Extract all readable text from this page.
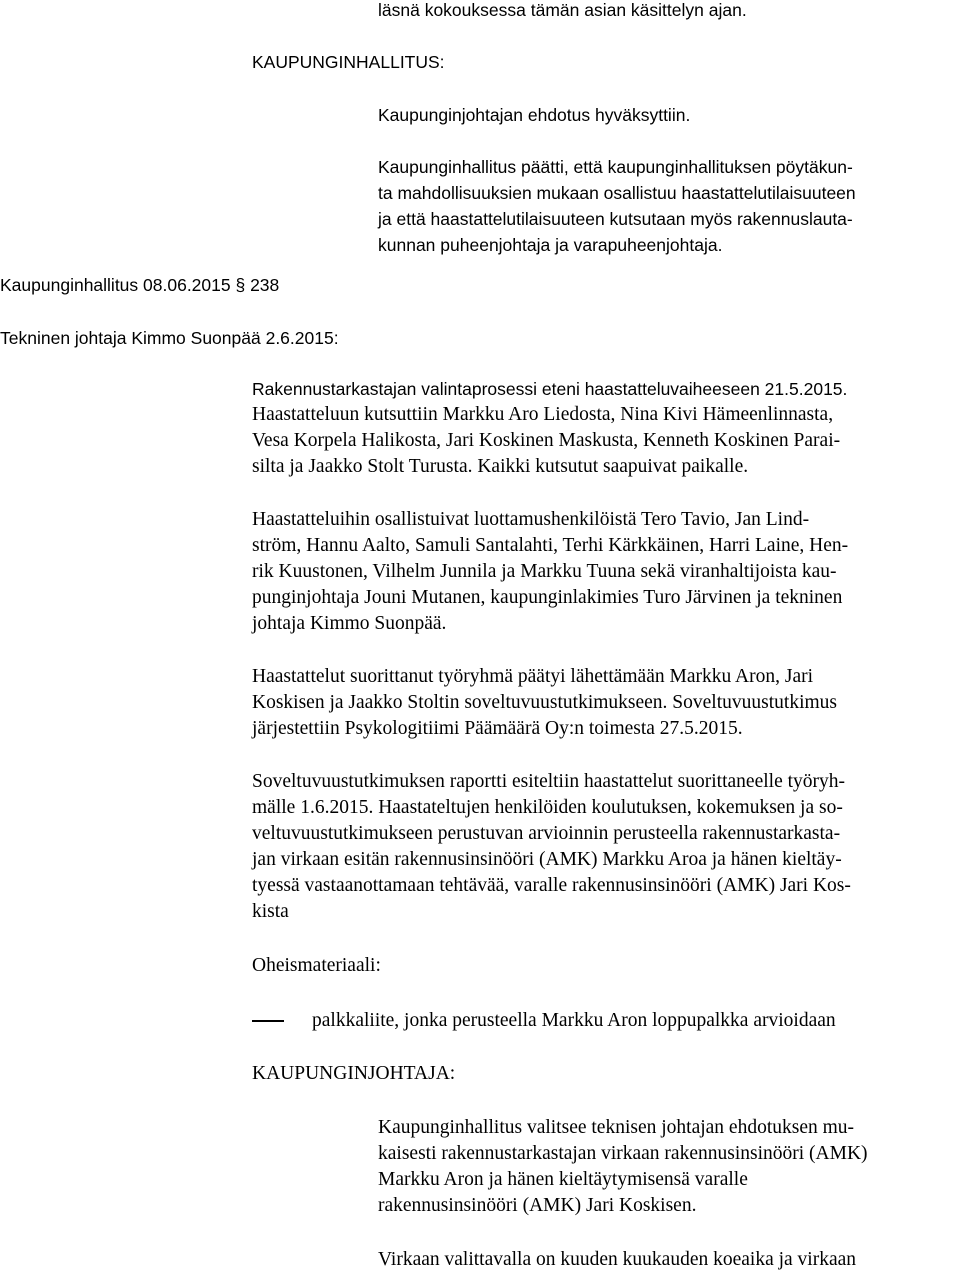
läsnä kokouksessa tämän asian käsittelyn ajan.
KAUPUNGINHALLITUS:
Kaupunginjohtajan ehdotus hyväksyttiin.
Kaupunginhallitus päätti, että kaupunginhallituksen pöytäkun-
ta mahdollisuuksien mukaan osallistuu haastattelutilaisuuteen
ja että haastattelutilaisuuteen kutsutaan myös rakennuslauta-
kunnan puheenjohtaja ja varapuheenjohtaja.
Kaupunginhallitus 08.06.2015 § 238
Tekninen johtaja Kimmo Suonpää 2.6.2015:
Rakennustarkastajan valintaprosessi eteni haastatteluvaiheeseen 21.5.2015.
Haastatteluun kutsuttiin Markku Aro Liedosta, Nina Kivi Hämeenlinnasta,
Vesa Korpela Halikosta, Jari Koskinen Maskusta, Kenneth Koskinen Parai-
silta ja Jaakko Stolt Turusta. Kaikki kutsutut saapuivat paikalle.
Haastatteluihin osallistuivat luottamushenkilöistä Tero Tavio, Jan Lind-
ström, Hannu Aalto, Samuli Santalahti, Terhi Kärkkäinen, Harri Laine, Hen-
rik Kuustonen, Vilhelm Junnila ja Markku Tuuna sekä viranhaltijoista kau-
punginjohtaja Jouni Mutanen, kaupunginlakimies Turo Järvinen ja tekninen
johtaja Kimmo Suonpää.
Haastattelut suorittanut työryhmä päätyi lähettämään Markku Aron, Jari
Koskisen ja Jaakko Stoltin soveltuvuustutkimukseen. Soveltuvuustutkimus
järjestettiin Psykologitiimi Päämäärä Oy:n toimesta 27.5.2015.
Soveltuvuustutkimuksen raportti esiteltiin haastattelut suorittaneelle työryh-
mälle 1.6.2015. Haastateltujen henkilöiden koulutuksen, kokemuksen ja so-
veltuvuustutkimukseen perustuvan arvioinnin perusteella rakennustarkasta-
jan virkaan esitän rakennusinsinööri (AMK) Markku Aroa ja hänen kieltäy-
tyessä vastaanottamaan tehtävää, varalle rakennusinsinööri (AMK) Jari Kos-
kista
Oheismateriaali:
palkkaliite, jonka perusteella Markku Aron loppupalkka arvioidaan
KAUPUNGINJOHTAJA:
Kaupunginhallitus valitsee teknisen johtajan ehdotuksen mu-
kaisesti rakennustarkastajan virkaan rakennusinsinööri (AMK)
Markku Aron ja hänen kieltäytymisensä varalle
rakennusinsinööri (AMK) Jari Koskisen.
Virkaan valittavalla on kuuden kuukauden koeaika ja virkaan
